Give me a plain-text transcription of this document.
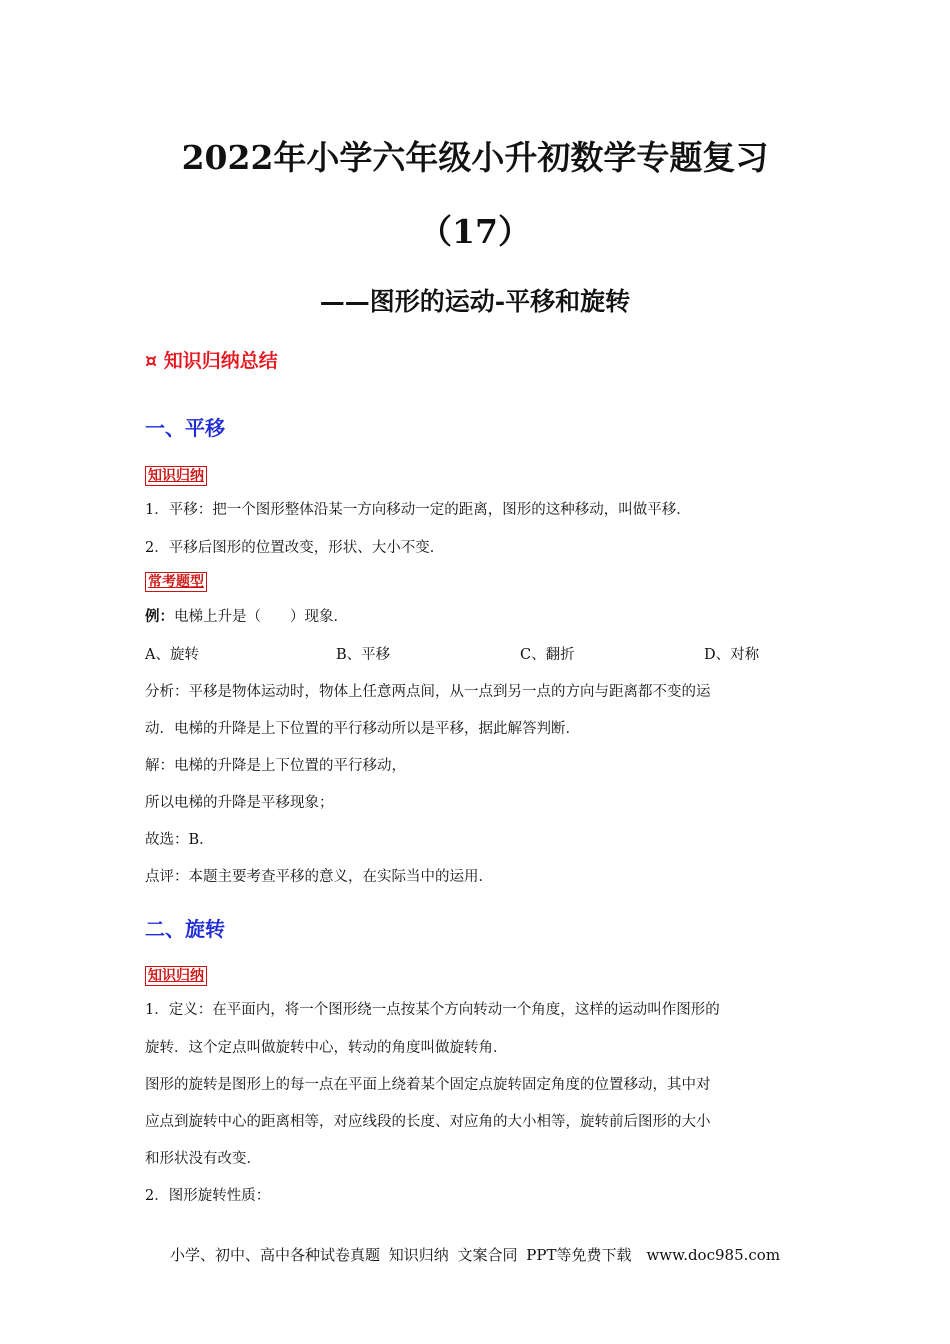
2022年小学六年级小升初数学专题复习
（17）
——图形的运动-平移和旋转
¤ 知识归纳总结
一、平移
知识归纳
1．平移：把一个图形整体沿某一方向移动一定的距离，图形的这种移动，叫做平移．
2．平移后图形的位置改变，形状、大小不变．
常考题型
例：电梯上升是（　　）现象．
A、旋转	B、平移	C、翻折	D、对称
分析：平移是物体运动时，物体上任意两点间，从一点到另一点的方向与距离都不变的运
动．电梯的升降是上下位置的平行移动所以是平移，据此解答判断．
解：电梯的升降是上下位置的平行移动，
所以电梯的升降是平移现象；
故选：B．
点评：本题主要考查平移的意义，在实际当中的运用．
二、旋转
知识归纳
1．定义：在平面内，将一个图形绕一点按某个方向转动一个角度，这样的运动叫作图形的
旋转．这个定点叫做旋转中心，转动的角度叫做旋转角．
图形的旋转是图形上的每一点在平面上绕着某个固定点旋转固定角度的位置移动，其中对
应点到旋转中心的距离相等，对应线段的长度、对应角的大小相等，旋转前后图形的大小
和形状没有改变．
2．图形旋转性质：
小学、初中、高中各种试卷真题 知识归纳 文案合同 PPT等免费下载　www.doc985.com
